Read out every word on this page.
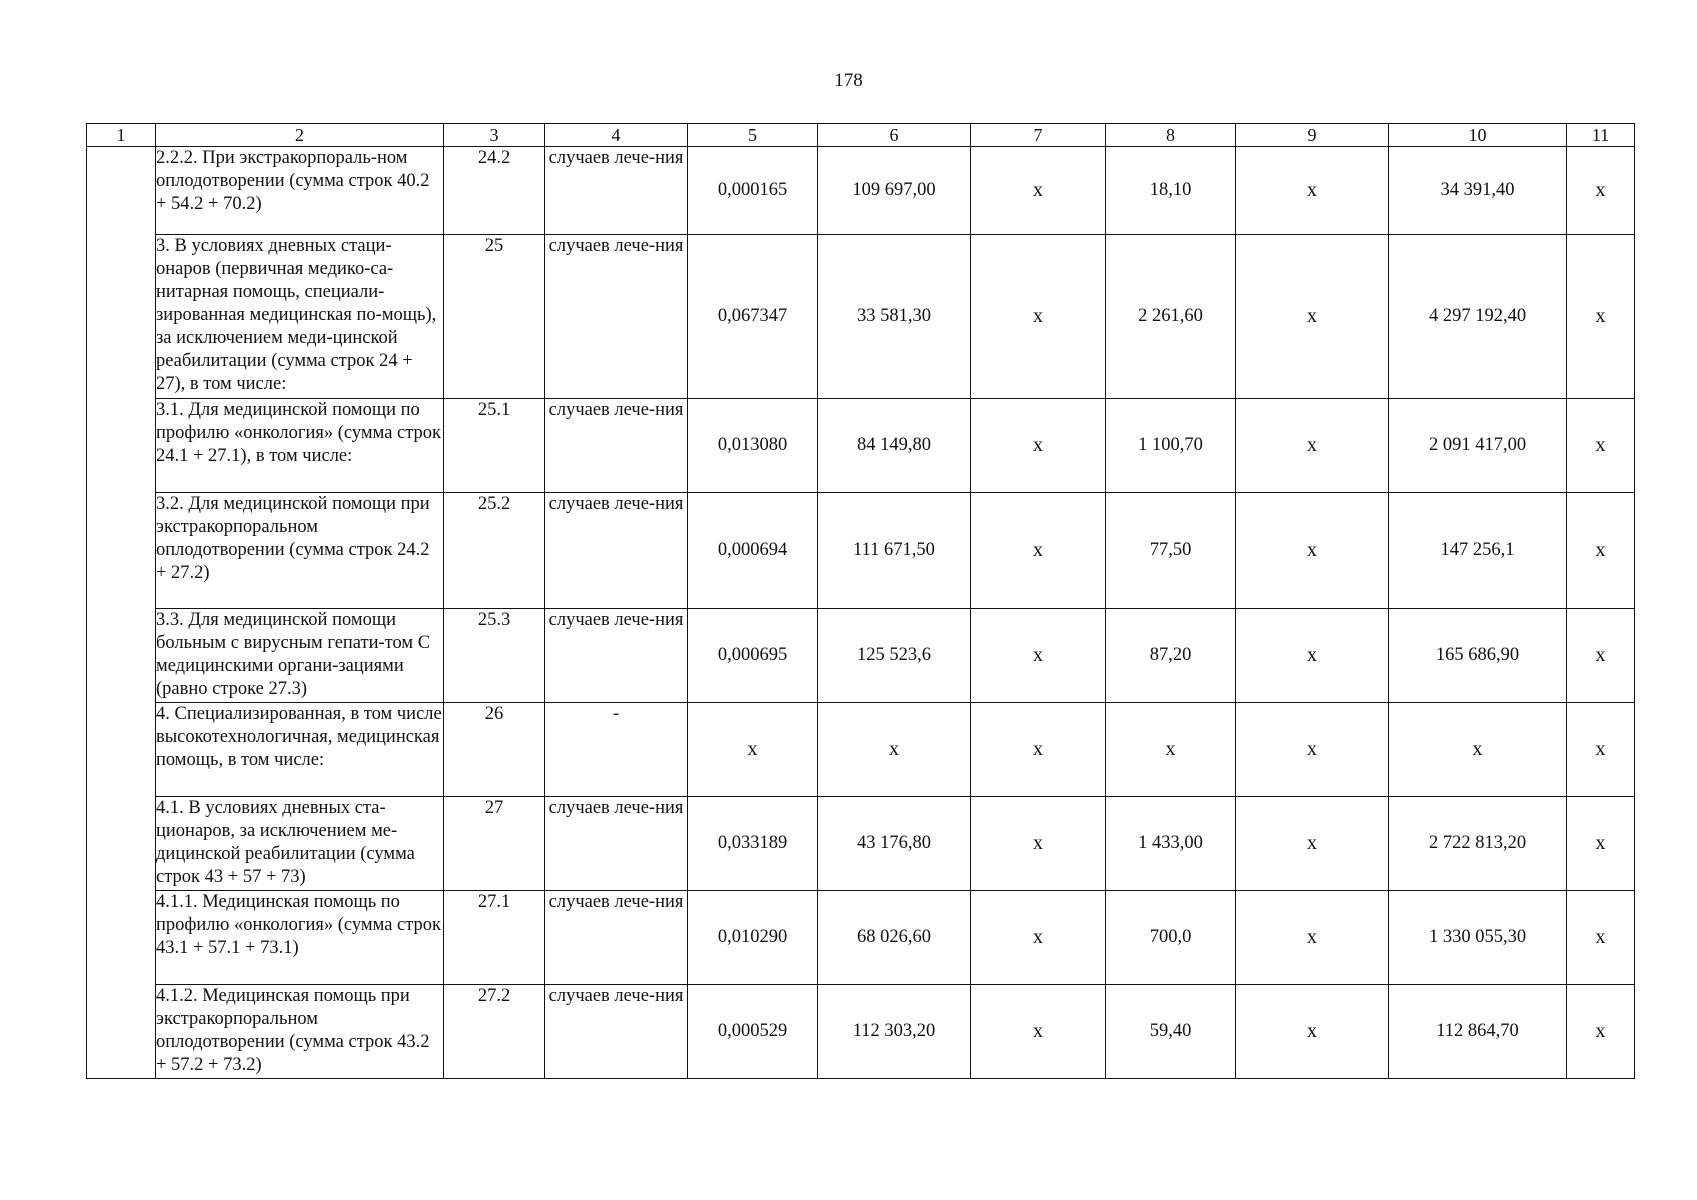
178
1	2	3	4	5	6	7	8	9	10	11
	2.2.2. При экстракорпораль-ном оплодотворении (сумма строк 40.2 + 54.2 + 70.2)	24.2	случаев лече-ния	0,000165	109 697,00	x	18,10	x	34 391,40	x
	3. В условиях дневных стаци-онаров (первичная медико-са-нитарная помощь, специали-зированная медицинская по-мощь), за исключением меди-цинской реабилитации (сумма строк 24 + 27), в том числе:	25	случаев лече-ния	0,067347	33 581,30	x	2 261,60	x	4 297 192,40	x
	3.1. Для медицинской помощи по профилю «онкология» (сумма строк 24.1 + 27.1), в том числе:	25.1	случаев лече-ния	0,013080	84 149,80	x	1 100,70	x	2 091 417,00	x
	3.2. Для медицинской помощи при экстракорпоральном оплодотворении (сумма строк 24.2 + 27.2)	25.2	случаев лече-ния	0,000694	111 671,50	x	77,50	x	147 256,1	x
	3.3. Для медицинской помощи больным с вирусным гепати-том С медицинскими органи-зациями (равно строке 27.3)	25.3	случаев лече-ния	0,000695	125 523,6	x	87,20	x	165 686,90	x
	4. Специализированная, в том числе высокотехнологичная, медицинская помощь, в том числе:	26	-	x	x	x	x	x	x	x
	4.1. В условиях дневных ста-ционаров, за исключением ме-дицинской реабилитации (сумма строк 43 + 57 + 73)	27	случаев лече-ния	0,033189	43 176,80	x	1 433,00	x	2 722 813,20	x
	4.1.1. Медицинская помощь по профилю «онкология» (сумма строк 43.1 + 57.1 + 73.1)	27.1	случаев лече-ния	0,010290	68 026,60	x	700,0	x	1 330 055,30	x
	4.1.2. Медицинская помощь при экстракорпоральном оплодотворении (сумма строк 43.2 + 57.2 + 73.2)	27.2	случаев лече-ния	0,000529	112 303,20	x	59,40	x	112 864,70	x
